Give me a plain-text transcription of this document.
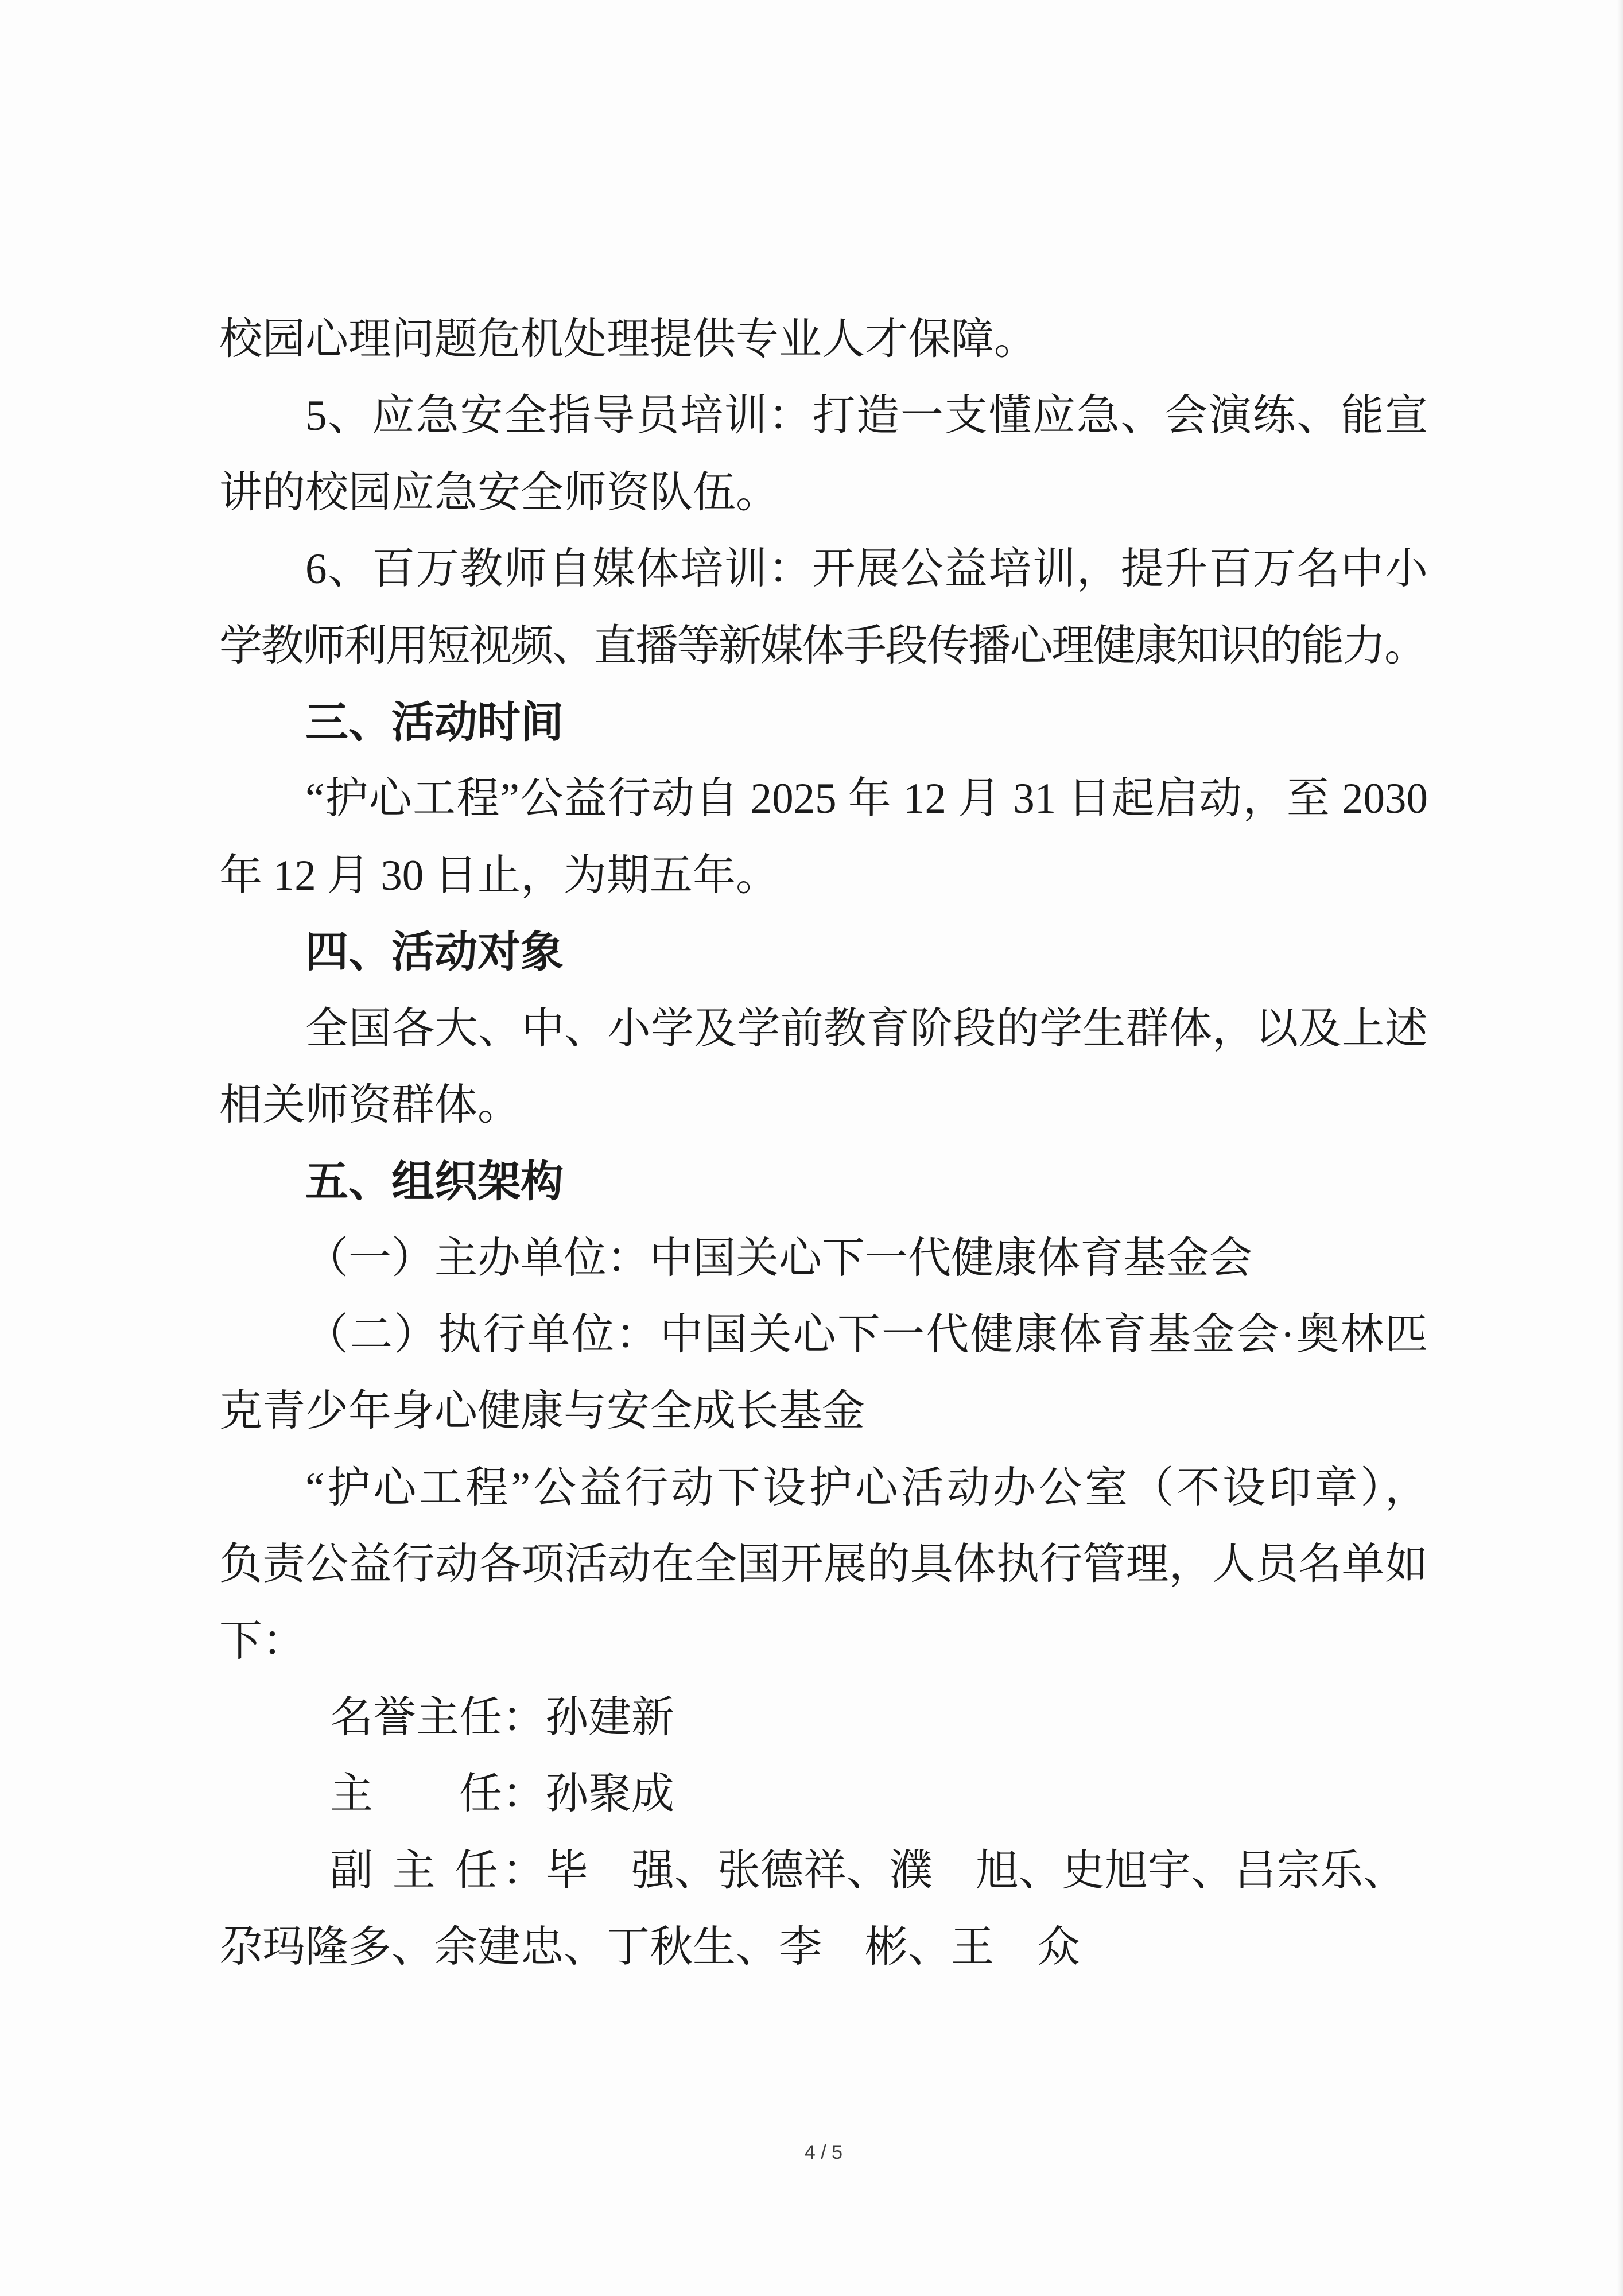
校园心理问题危机处理提供专业人才保障。
5、应急安全指导员培训：打造一支懂应急、会演练、能宣
讲的校园应急安全师资队伍。
6、百万教师自媒体培训：开展公益培训，提升百万名中小
学教师利用短视频、直播等新媒体手段传播心理健康知识的能力。
三、活动时间
“护心工程”公益行动自 2025 年 12 月 31 日起启动，至 2030
年 12 月 30 日止，为期五年。
四、活动对象
全国各大、中、小学及学前教育阶段的学生群体，以及上述
相关师资群体。
五、组织架构
（一）主办单位：中国关心下一代健康体育基金会
（二）执行单位：中国关心下一代健康体育基金会·奥林匹
克青少年身心健康与安全成长基金
“护心工程”公益行动下设护心活动办公室（不设印章），
负责公益行动各项活动在全国开展的具体执行管理，人员名单如
下：
名誉主任：孙建新
主　　任：孙聚成
副 主 任：毕　强、张德祥、濮　旭、史旭宇、吕宗乐、
尕玛隆多、余建忠、丁秋生、李　彬、王　众
4 / 5
